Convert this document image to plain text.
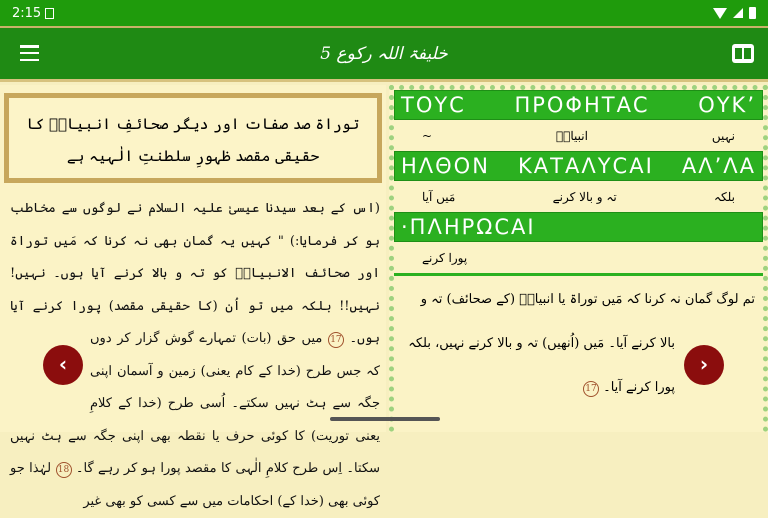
2:15
خلیفۃ اللہ رکوع 5
توراۃ صد صفات اور دیگر صحائفِ انبیاءؑ کا حقیقی مقصد ظہورِ سلطنتِ الٰہیہ ہے
(اس کے بعد سیدنا عیسیٰ علیہ السلام نے لوگوں سے مخاطب ہو کر فرمایا:) " کہیں یہ گمان بھی نہ کرنا کہ مَیں توراۃ اور صحائف الانبیاءؑ کو تہ و بالا کرنے آیا ہوں۔ نہیں! نہیں!! بلکہ میں تو اُن (کا حقیقی مقصد) پورا کرنے آیا ہوں۔ 17 میں حق (بات) تمہارے گوش گزار کر دوں کہ جس طرح (خدا کے کام یعنی) زمین و آسمان اپنی جگہ سے ہٹ نہیں سکتے۔ اُسی طرح (خدا کے کلامِ یعنی توریت) کا کوئی حرف یا نقطہ بھی اپنی جگہ سے ہٹ نہیں سکتا۔ اِس طرح کلامِ الٰہی کا مقصد پورا ہو کر رہے گا۔ 18 لہٰذا جو کوئی بھی (خدا کے) احکامات میں سے کسی کو بھی غیر
ΤΟΥϹ ΠΡΟΦΗΤΑϹ ΟΥΚ’
نہیں
انبیاءؑ
~
ΗΛΘΟΝ ΚΑΤΑΛΥϹΑΙ ΑΛ’ΛΑ
بلکہ
تہ و بالا کرنے
مَیں آیا
·ΠΛΗΡΩϹΑΙ
پورا کرنے
تم لوگ گمان نہ کرنا کہ مَیں توراۃ یا انبیاءؑ (کے صحائف) تہ و بالا کرنے آیا۔ مَیں (اُنھیں) تہ و بالا کرنے نہیں، بلکہ پورا کرنے آیا۔ 17
‹	›
